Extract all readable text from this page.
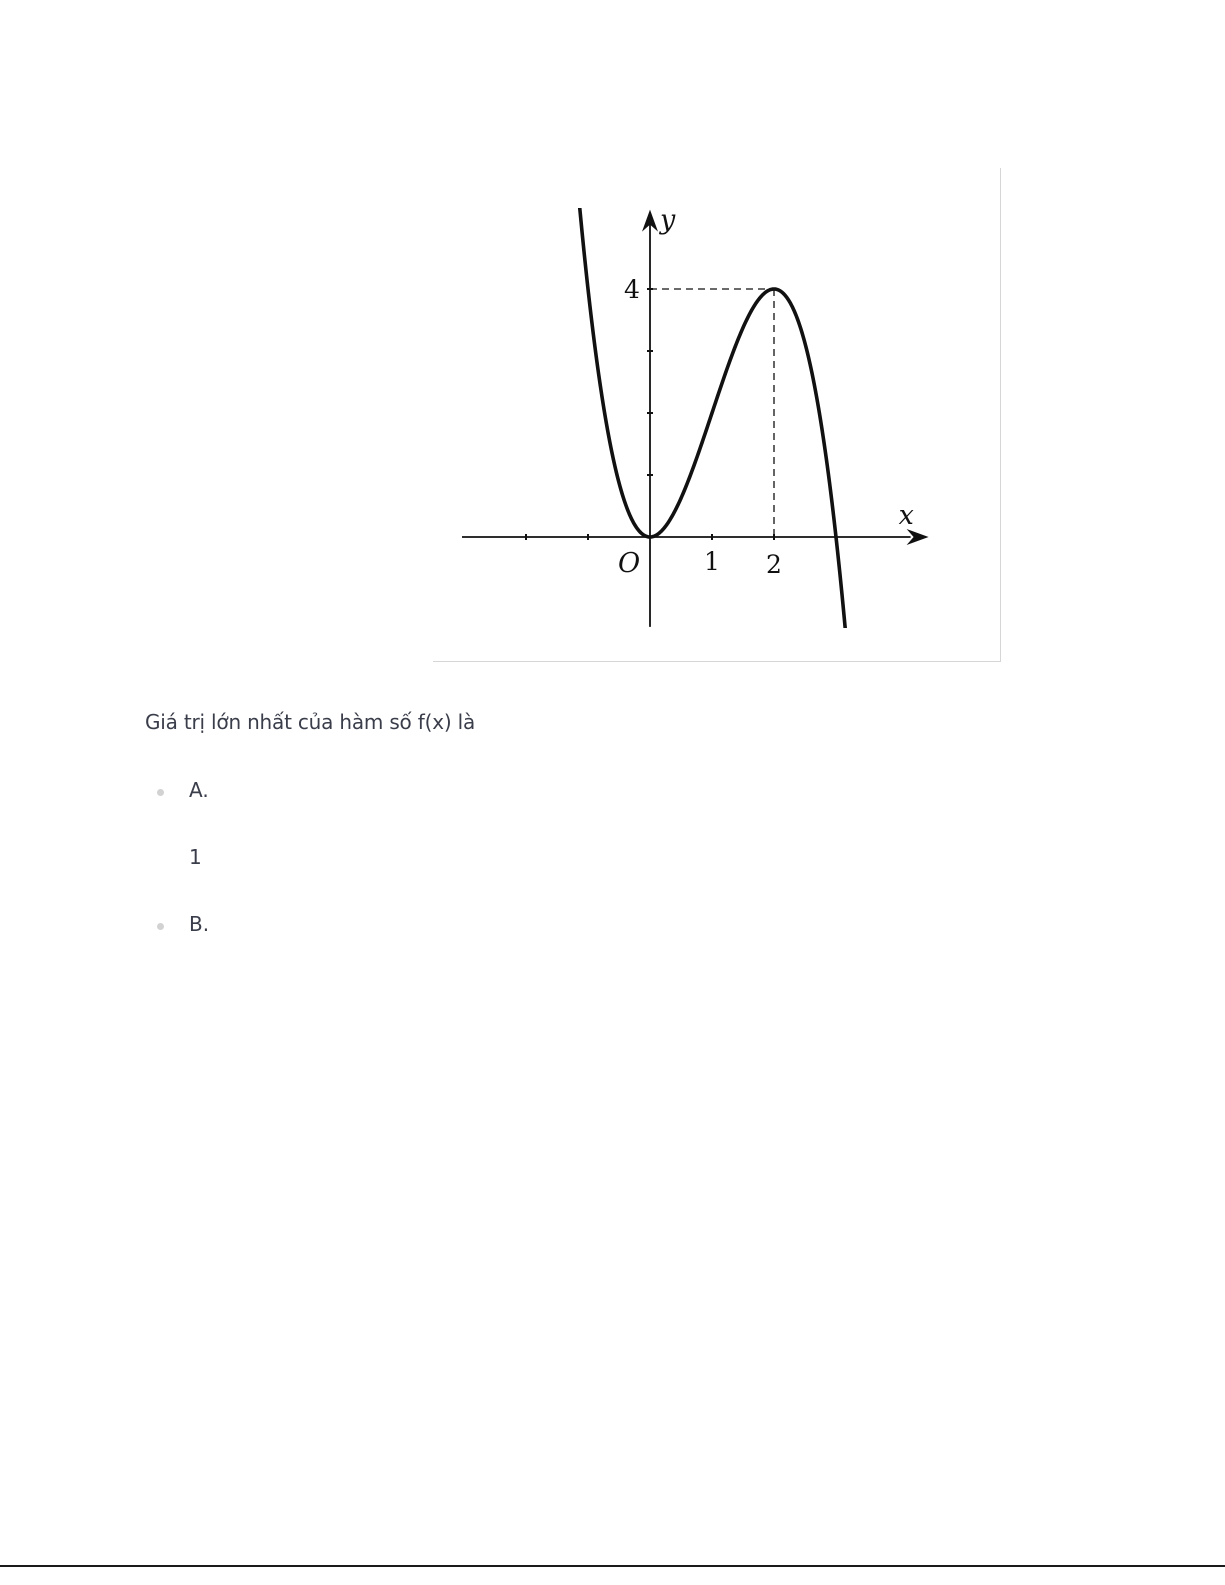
y
x
O	1 2
4
Giá trị lớn nhất của hàm số f(x) là
A.
1
B.
